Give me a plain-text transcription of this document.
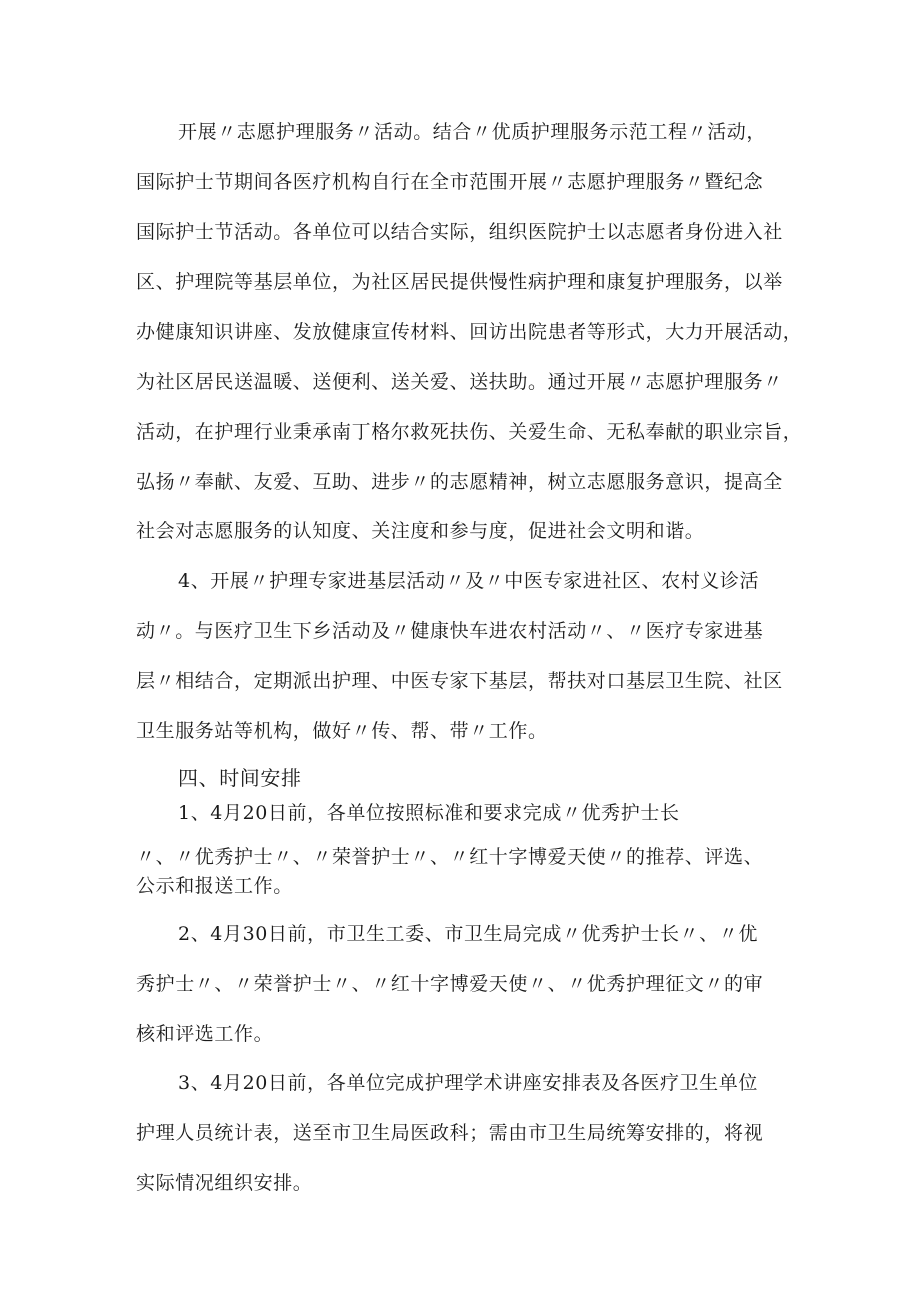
开展〃志愿护理服务〃活动。结合〃优质护理服务示范工程〃活动，

国际护士节期间各医疗机构自行在全市范围开展〃志愿护理服务〃暨纪念

国际护士节活动。各单位可以结合实际，组织医院护士以志愿者身份进入社

区、护理院等基层单位，为社区居民提供慢性病护理和康复护理服务，以举

办健康知识讲座、发放健康宣传材料、回访出院患者等形式，大力开展活动，

为社区居民送温暖、送便利、送关爱、送扶助。通过开展〃志愿护理服务〃

活动，在护理行业秉承南丁格尔救死扶伤、关爱生命、无私奉献的职业宗旨，

弘扬〃奉献、友爱、互助、进步〃的志愿精神，树立志愿服务意识，提高全

社会对志愿服务的认知度、关注度和参与度，促进社会文明和谐。

4、开展〃护理专家进基层活动〃及〃中医专家进社区、农村义诊活

动〃。与医疗卫生下乡活动及〃健康快车进农村活动〃、〃医疗专家进基

层〃相结合，定期派出护理、中医专家下基层，帮扶对口基层卫生院、社区

卫生服务站等机构，做好〃传、帮、带〃工作。

四、时间安排

1、4月20日前，各单位按照标准和要求完成〃优秀护士长

〃、〃优秀护士〃、〃荣誉护士〃、〃红十字博爱天使〃的推荐、评选、

公示和报送工作。

2、4月30日前，市卫生工委、市卫生局完成〃优秀护士长〃、〃优

秀护士〃、〃荣誉护士〃、〃红十字博爱天使〃、〃优秀护理征文〃的审

核和评选工作。

3、4月20日前，各单位完成护理学术讲座安排表及各医疗卫生单位

护理人员统计表，送至市卫生局医政科；需由市卫生局统筹安排的，将视

实际情况组织安排。
